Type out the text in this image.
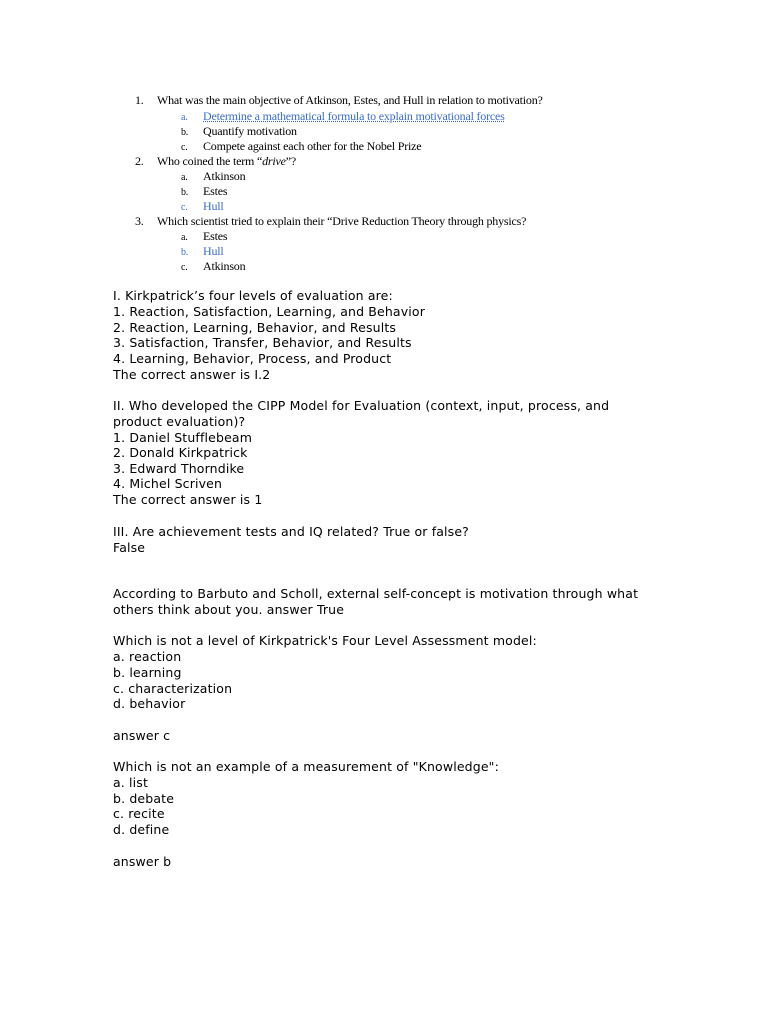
1. What was the main objective of Atkinson, Estes, and Hull in relation to motivation?
a. Determine a mathematical formula to explain motivational forces
b. Quantify motivation
c. Compete against each other for the Nobel Prize
2. Who coined the term “drive”?
a. Atkinson
b. Estes
c. Hull
3. Which scientist tried to explain their “Drive Reduction Theory through physics?
a. Estes
b. Hull
c. Atkinson
I. Kirkpatrick’s four levels of evaluation are:
1. Reaction, Satisfaction, Learning, and Behavior
2. Reaction, Learning, Behavior, and Results
3. Satisfaction, Transfer, Behavior, and Results
4. Learning, Behavior, Process, and Product
The correct answer is I.2
II. Who developed the CIPP Model for Evaluation (context, input, process, and
product evaluation)?
1. Daniel Stufflebeam
2. Donald Kirkpatrick
3. Edward Thorndike
4. Michel Scriven
The correct answer is 1
III. Are achievement tests and IQ related? True or false?
False
According to Barbuto and Scholl, external self-concept is motivation through what
others think about you. answer True
Which is not a level of Kirkpatrick's Four Level Assessment model:
a. reaction
b. learning
c. characterization
d. behavior
answer c
Which is not an example of a measurement of "Knowledge":
a. list
b. debate
c. recite
d. define
answer b
